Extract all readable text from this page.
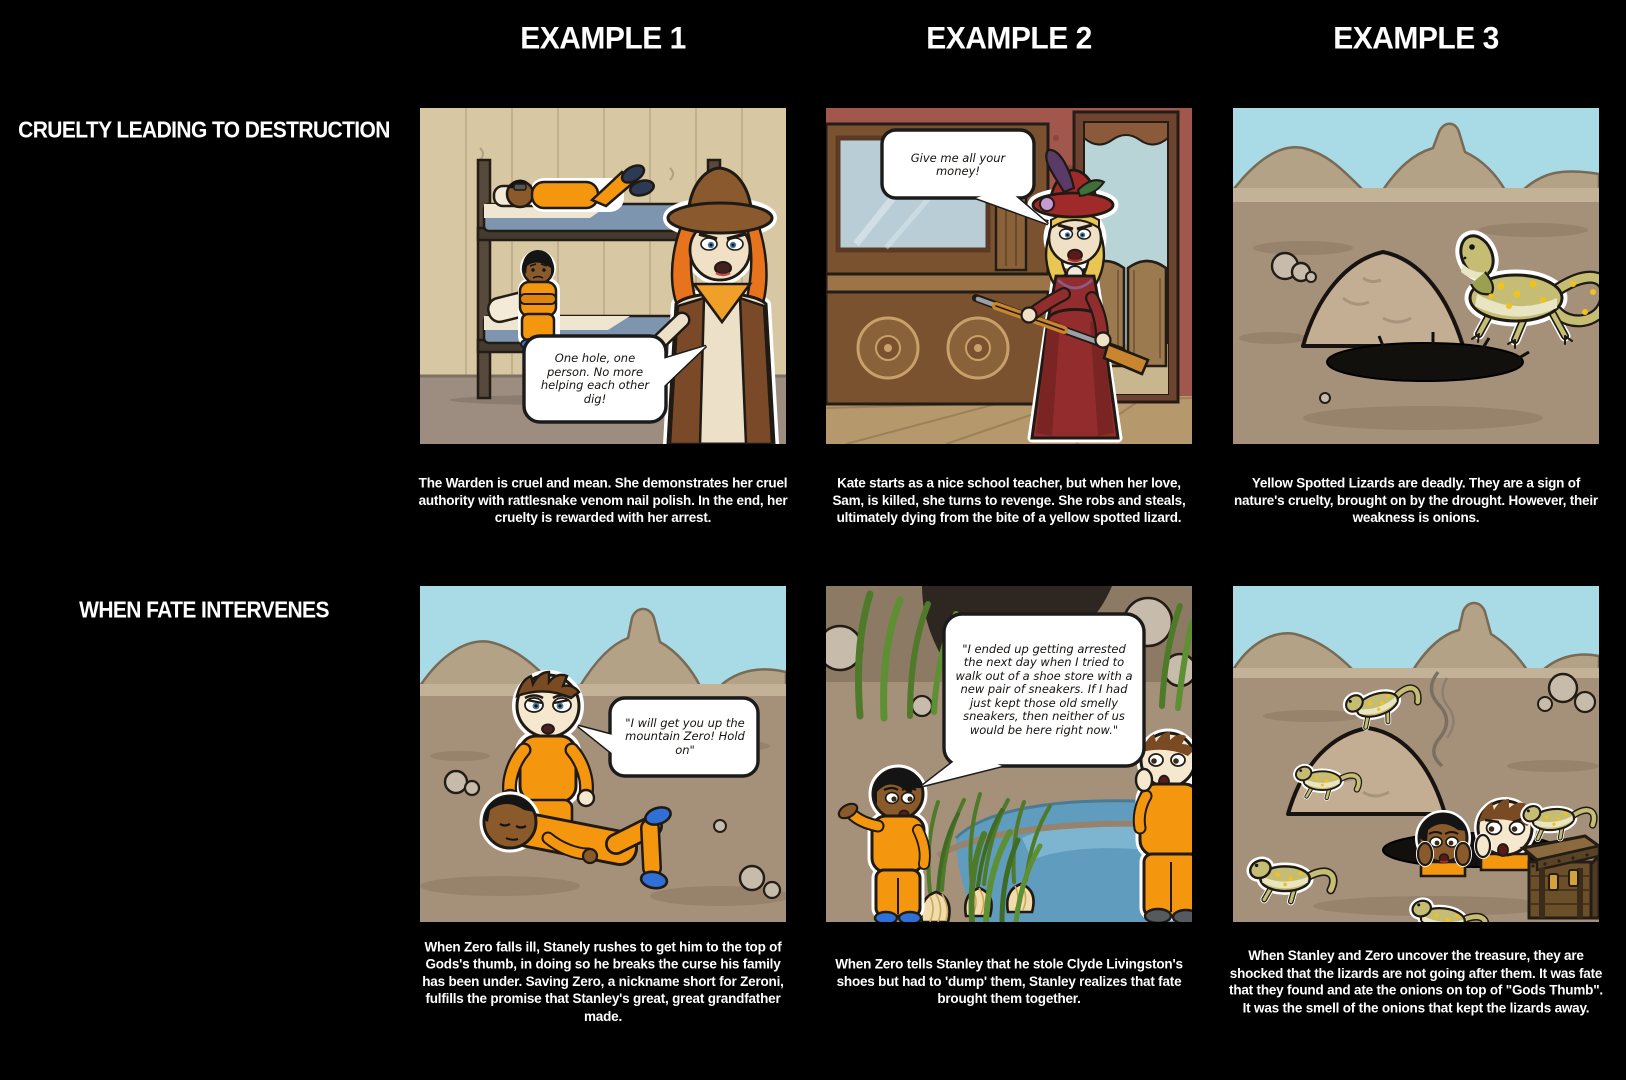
EXAMPLE 1	EXAMPLE 2	EXAMPLE 3
CRUELTY LEADING TO DESTRUCTION
WHEN FATE INTERVENES
One hole, one person. No more helping each other dig!
Give me all your money!
"I will get you up the mountain Zero! Hold on"
"I ended up getting arrested the next day when I tried to walk out of a shoe store with a new pair of sneakers. If I had just kept those old smelly sneakers, then neither of us would be here right now."
The Warden is cruel and mean. She demonstrates her cruel authority with rattlesnake venom nail polish. In the end, her cruelty is rewarded with her arrest.
Kate starts as a nice school teacher, but when her love, Sam, is killed, she turns to revenge. She robs and steals, ultimately dying from the bite of a yellow spotted lizard.
Yellow Spotted Lizards are deadly. They are a sign of nature's cruelty, brought on by the drought. However, their weakness is onions.
When Zero falls ill, Stanely rushes to get him to the top of Gods's thumb, in doing so he breaks the curse his family has been under. Saving Zero, a nickname short for Zeroni, fulfills the promise that Stanley's great, great grandfather made.
When Zero tells Stanley that he stole Clyde Livingston's shoes but had to 'dump' them, Stanley realizes that fate brought them together.
When Stanley and Zero uncover the treasure, they are shocked that the lizards are not going after them. It was fate that they found and ate the onions on top of "Gods Thumb". It was the smell of the onions that kept the lizards away.
